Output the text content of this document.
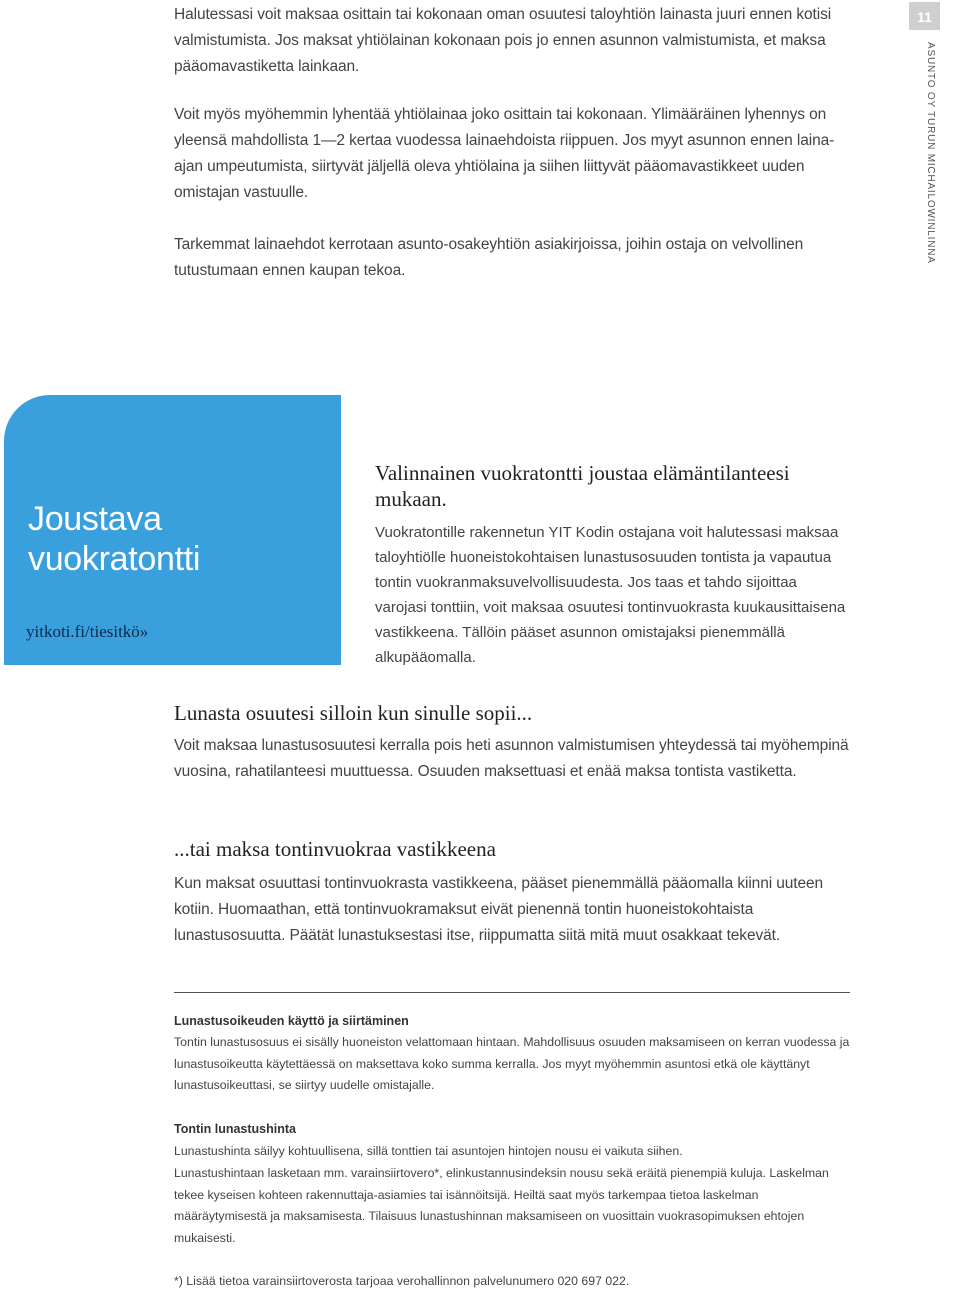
Halutessasi voit maksaa osittain tai kokonaan oman osuutesi taloyhtiön lainasta juuri ennen kotisi valmistumista. Jos maksat yhtiölainan kokonaan pois jo ennen asunnon valmistumista, et maksa pääomavastiketta lainkaan.

Voit myös myöhemmin lyhentää yhtiölainaa joko osittain tai kokonaan. Ylimääräinen lyhennys on yleensä mahdollista 1—2 kertaa vuodessa lainaehdoista riippuen. Jos myyt asunnon ennen laina-ajan umpeutumista, siirtyvät jäljellä oleva yhtiölaina ja siihen liittyvät pääomavastikkeet uuden omistajan vastuulle.

Tarkemmat lainaehdot kerrotaan asunto-osakeyhtiön asiakirjoissa, joihin ostaja on velvollinen tutustumaan ennen kaupan tekoa.

11
ASUNTO OY TURUN MICHAILOWINLINNA
Joustava vuokratontti
yitkoti.fi/tiesitkö»
Valinnainen vuokratontti joustaa elämäntilanteesi mukaan.

Vuokratontille rakennetun YIT Kodin ostajana voit halutessasi maksaa taloyhtiölle huoneistokohtaisen lunastusosuuden tontista ja vapautua tontin vuokranmaksuvelvollisuudesta. Jos taas et tahdo sijoittaa varojasi tonttiin, voit maksaa osuutesi tontinvuokrasta kuukausittaisena vastikkeena. Tällöin pääset asunnon omistajaksi pienemmällä alkupääomalla.

Lunasta osuutesi silloin kun sinulle sopii...

Voit maksaa lunastusosuutesi kerralla pois heti asunnon valmistumisen yhteydessä tai myöhempinä vuosina, rahatilanteesi muuttuessa. Osuuden maksettuasi et enää maksa tontista vastiketta.

...tai maksa tontinvuokraa vastikkeena

Kun maksat osuuttasi tontinvuokrasta vastikkeena, pääset pienemmällä pääomalla kiinni uuteen kotiin. Huomaathan, että tontinvuokramaksut eivät pienennä tontin huoneistokohtaista lunastusosuutta. Päätät lunastuksestasi itse, riippumatta siitä mitä muut osakkaat tekevät.

Lunastusoikeuden käyttö ja siirtäminen

Tontin lunastusosuus ei sisälly huoneiston velattomaan hintaan. Mahdollisuus osuuden maksamiseen on kerran vuodessa ja lunastusoikeutta käytettäessä on maksettava koko summa kerralla. Jos myyt myöhemmin asuntosi etkä ole käyttänyt lunastusoikeuttasi, se siirtyy uudelle omistajalle.

Tontin lunastushinta

Lunastushinta säilyy kohtuullisena, sillä tonttien tai asuntojen hintojen nousu ei vaikuta siihen.

Lunastushintaan lasketaan mm. varainsiirtovero*, elinkustannusindeksin nousu sekä eräitä pienempiä kuluja. Laskelman tekee kyseisen kohteen rakennuttaja-asiamies tai isännöitsijä. Heiltä saat myös tarkempaa tietoa laskelman määräytymisestä ja maksamisesta. Tilaisuus lunastushinnan maksamiseen on vuosittain vuokrasopimuksen ehtojen mukaisesti.

*) Lisää tietoa varainsiirtoverosta tarjoaa verohallinnon palvelunumero 020 697 022.
